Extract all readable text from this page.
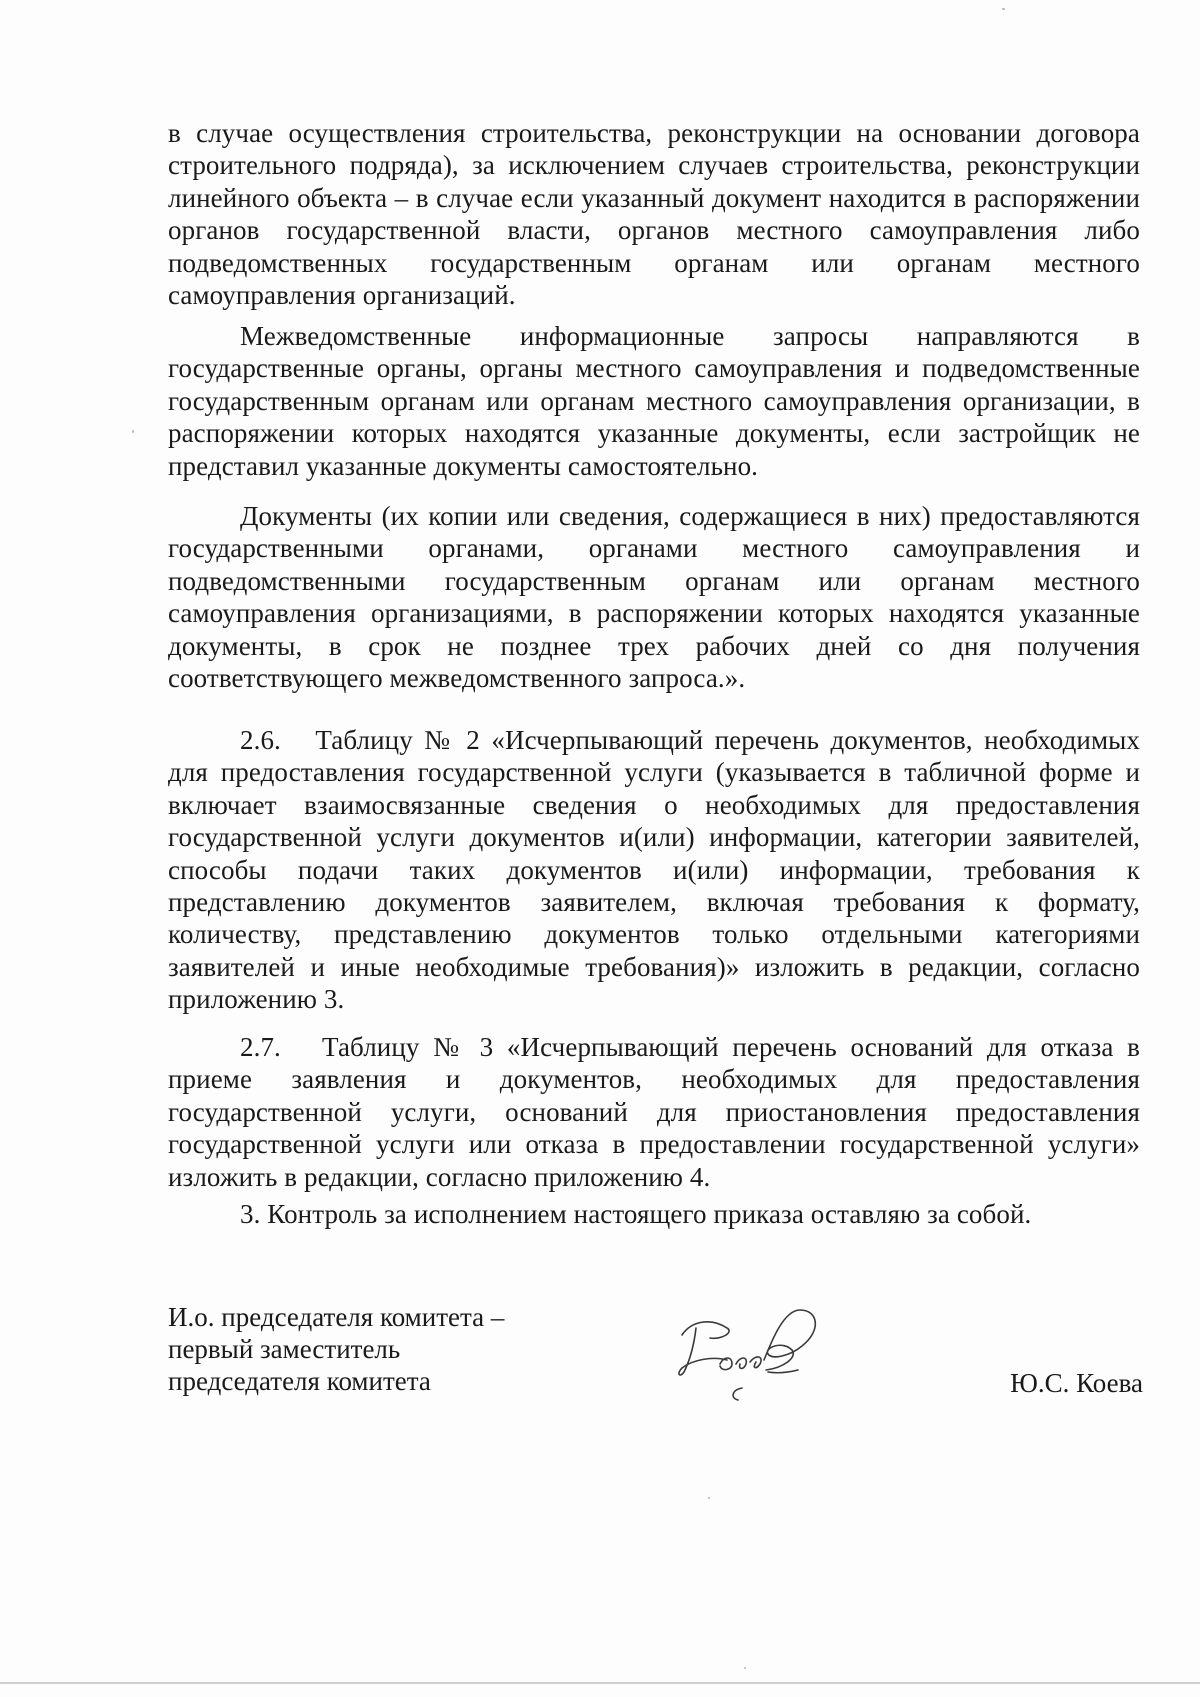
в случае осуществления строительства, реконструкции на основании договора строительного подряда), за исключением случаев строительства, реконструкции линейного объекта – в случае если указанный документ находится в распоряжении органов государственной власти, органов местного самоуправления либо подведомственных государственным органам или органам местного самоуправления организаций.

Межведомственные информационные запросы направляются в государственные органы, органы местного самоуправления и подведомственные государственным органам или органам местного самоуправления организации, в распоряжении которых находятся указанные документы, если застройщик не представил указанные документы самостоятельно.

Документы (их копии или сведения, содержащиеся в них) предоставляются государственными органами, органами местного самоуправления и подведомственными государственным органам или органам местного самоуправления организациями, в распоряжении которых находятся указанные документы, в срок не позднее трех рабочих дней со дня получения соответствующего межведомственного запроса.».

2.6.   Таблицу № 2 «Исчерпывающий перечень документов, необходимых для предоставления государственной услуги (указывается в табличной форме и включает взаимосвязанные сведения о необходимых для предоставления государственной услуги документов и(или) информации, категории заявителей, способы подачи таких документов и(или) информации, требования к представлению документов заявителем, включая требования к формату, количеству, представлению документов только отдельными категориями заявителей и иные необходимые требования)» изложить в редакции, согласно приложению 3.

2.7.   Таблицу № 3 «Исчерпывающий перечень оснований для отказа в приеме заявления и документов, необходимых для предоставления государственной услуги, оснований для приостановления предоставления государственной услуги или отказа в предоставлении государственной услуги» изложить в редакции, согласно приложению 4.

3. Контроль за исполнением настоящего приказа оставляю за собой.

И.о. председателя комитета –
первый заместитель
председателя комитета	Ю.С. Коева
